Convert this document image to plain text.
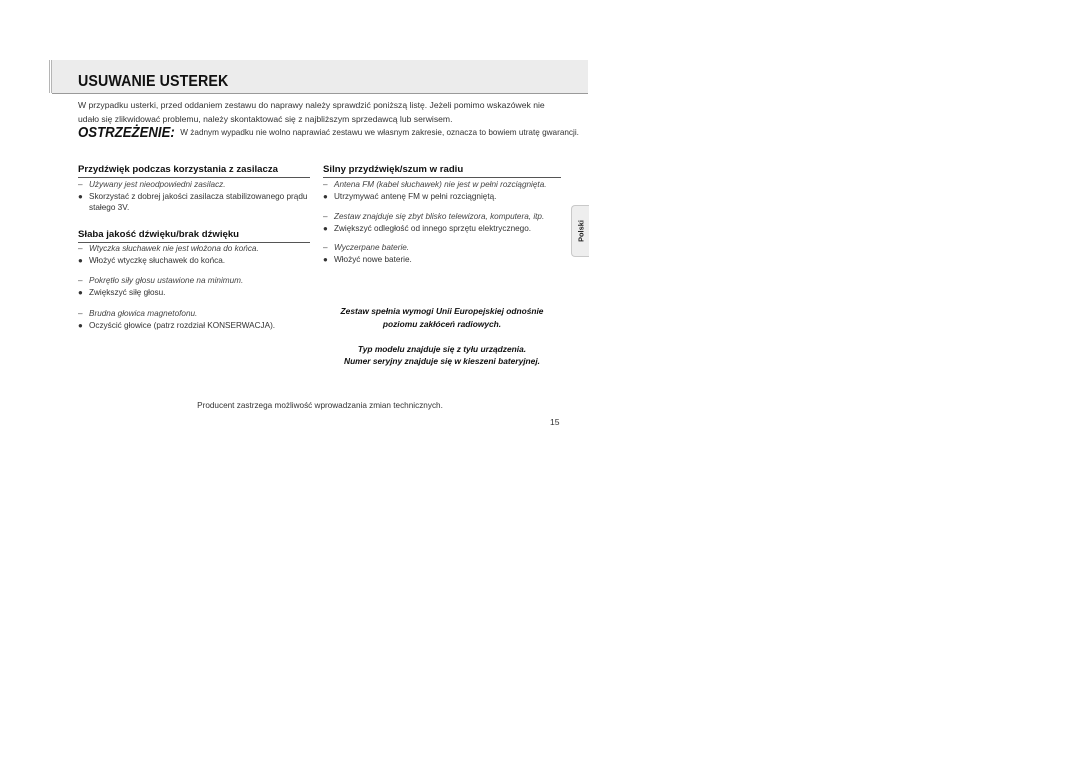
USUWANIE USTEREK
W przypadku usterki, przed oddaniem zestawu do naprawy należy sprawdzić poniższą listę. Jeżeli pomimo wskazówek nie udało się zlikwidować problemu, należy skontaktować się z najbliższym sprzedawcą lub serwisem.
OSTRZEŻENIE: W żadnym wypadku nie wolno naprawiać zestawu we własnym zakresie, oznacza to bowiem utratę gwarancji.
Przydźwięk podczas korzystania z zasilacza
– Używany jest nieodpowiedni zasilacz.
● Skorzystać z dobrej jakości zasilacza stabilizowanego prądu stałego 3V.
Słaba jakość dźwięku/brak dźwięku
– Wtyczka słuchawek nie jest włożona do końca.
● Włożyć wtyczkę słuchawek do końca.
– Pokrętło siły głosu ustawione na minimum.
● Zwiększyć siłę głosu.
– Brudna głowica magnetofonu.
● Oczyścić głowice (patrz rozdział KONSERWACJA).
Silny przydźwięk/szum w radiu
– Antena FM (kabel słuchawek) nie jest w pełni rozciągnięta.
● Utrzymywać antenę FM w pełni rozciągniętą.
– Zestaw znajduje się zbyt blisko telewizora, komputera, itp.
● Zwiększyć odległość od innego sprzętu elektrycznego.
– Wyczerpane baterie.
● Włożyć nowe baterie.
Zestaw spełnia wymogi Unii Europejskiej odnośnie poziomu zakłóceń radiowych.
Typ modelu znajduje się z tyłu urządzenia.
Numer seryjny znajduje się w kieszeni bateryjnej.
Polski
Producent zastrzega możliwość wprowadzania zmian technicznych.
15
